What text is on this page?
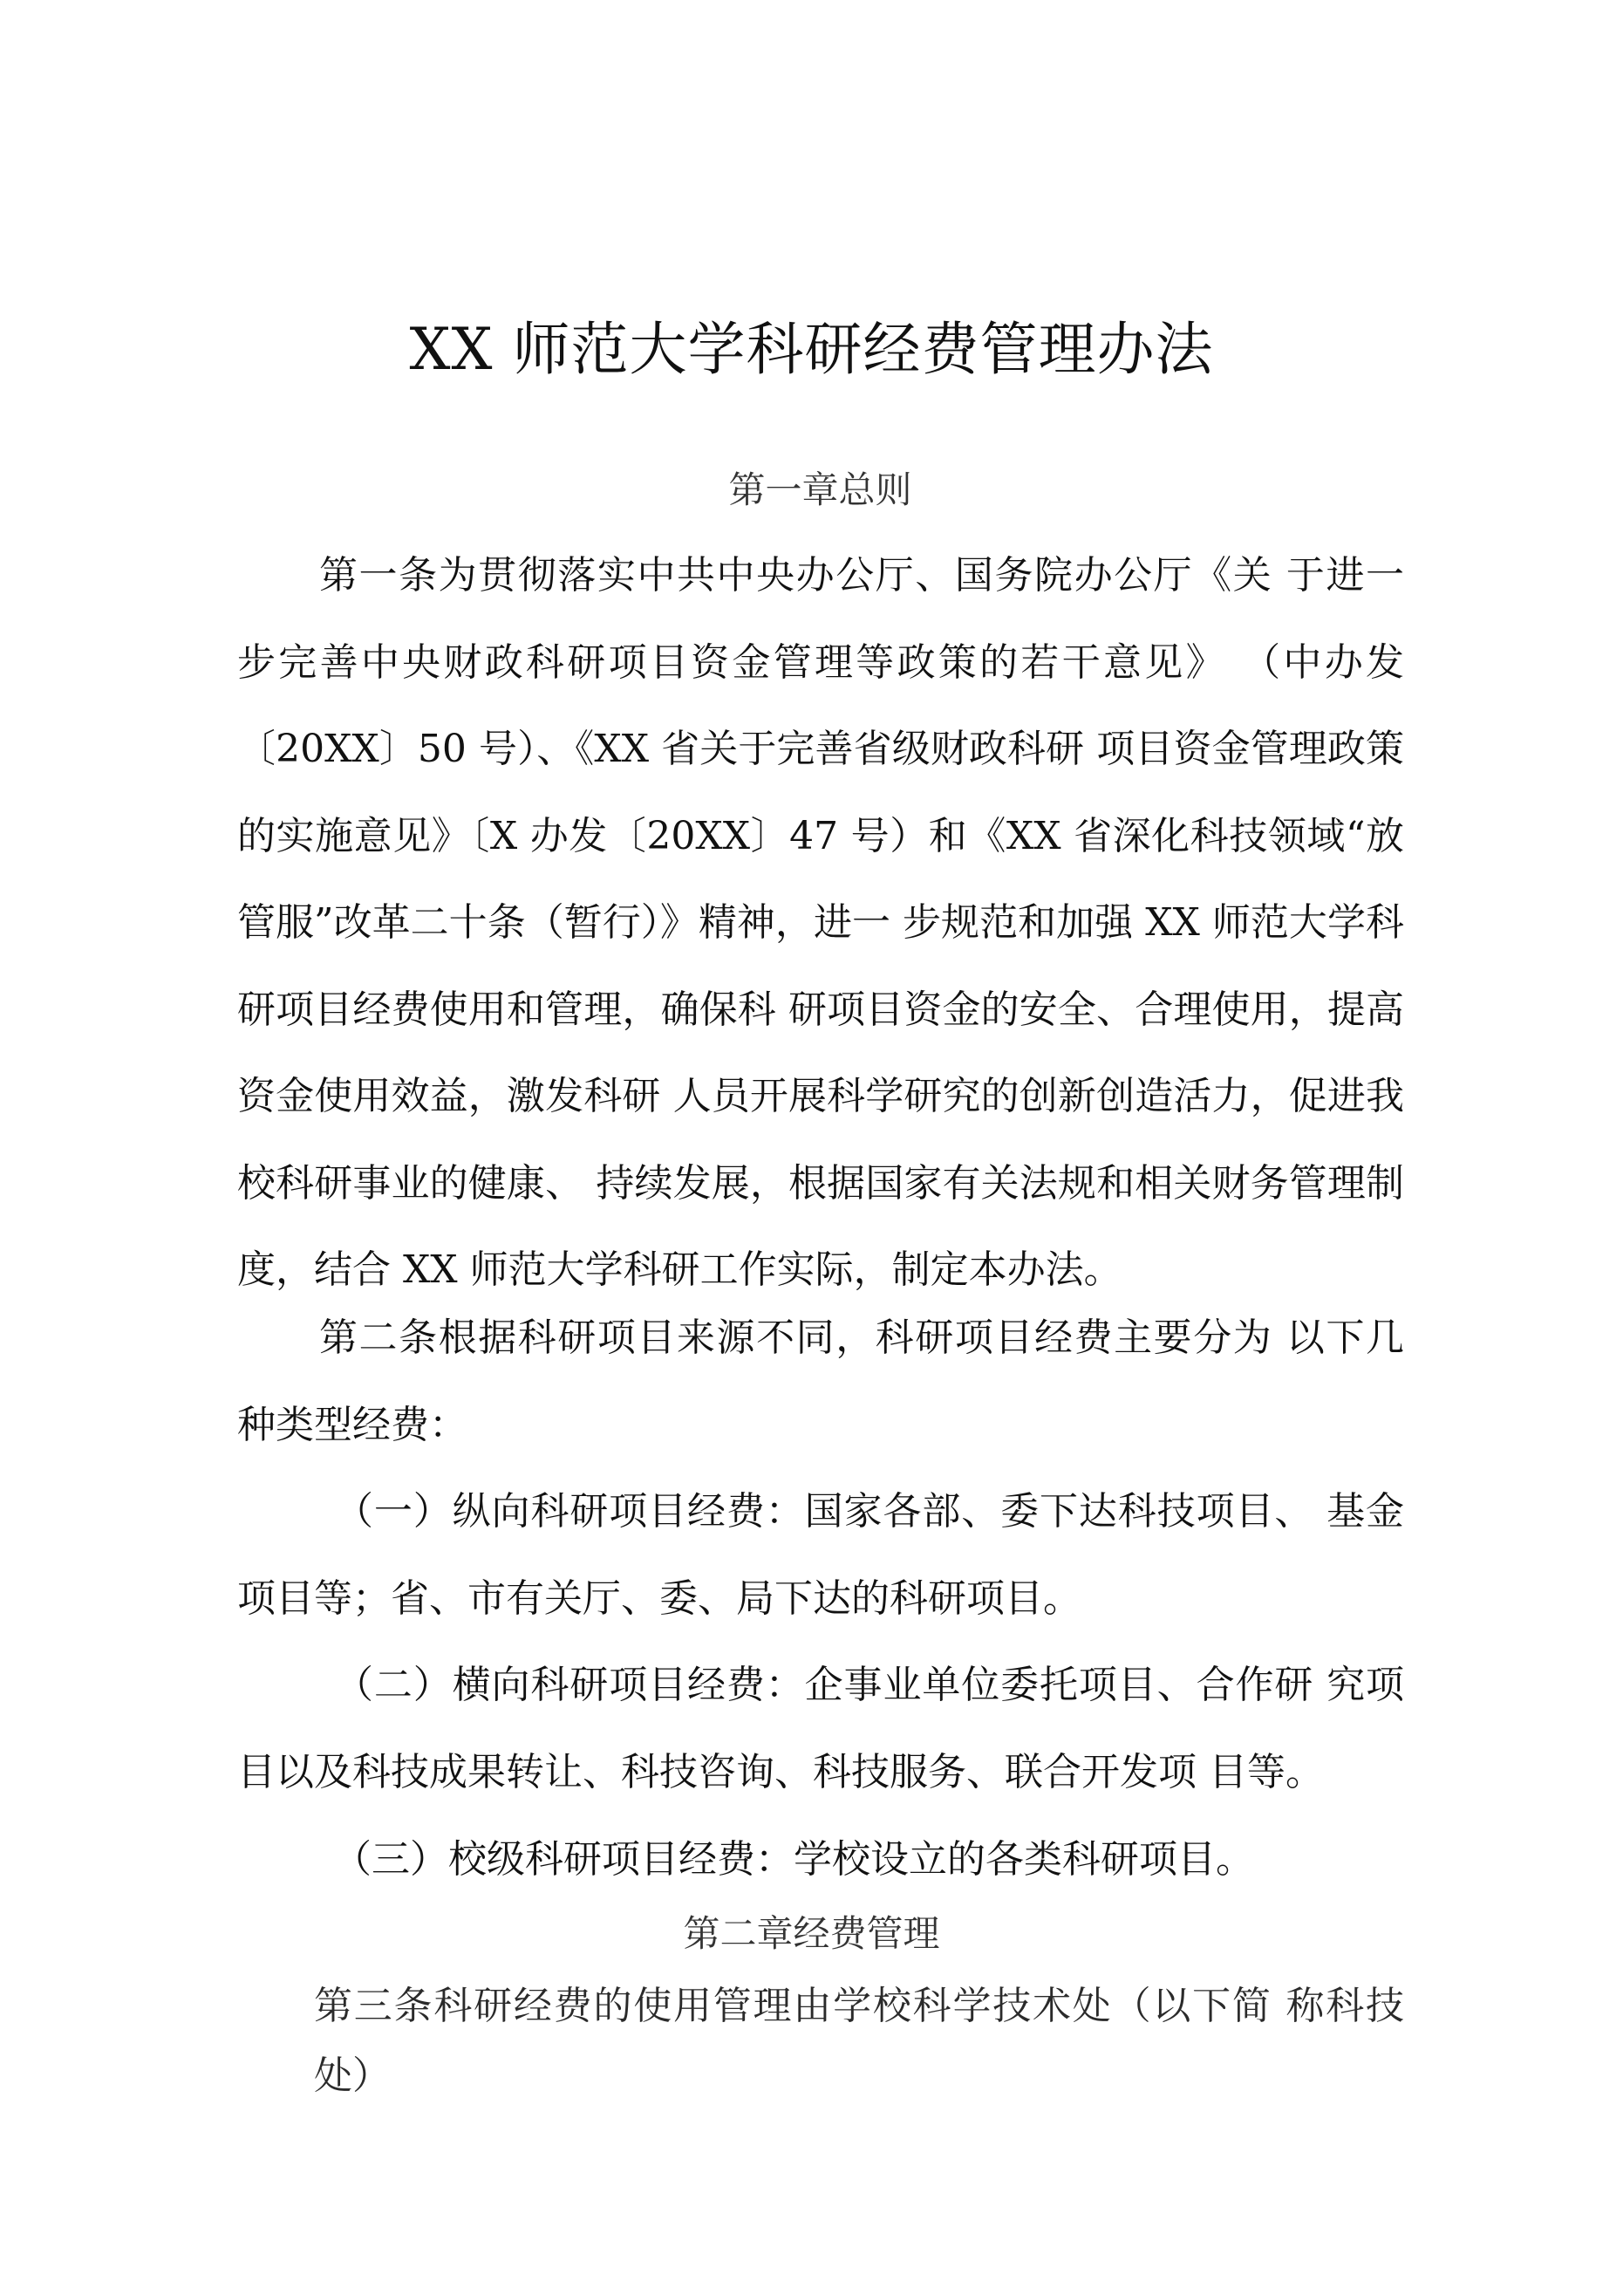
XX 师范大学科研经费管理办法
第一章总则

第一条为贯彻落实中共中央办公厅、国务院办公厅《关 于进一步完善中央财政科研项目资金管理等政策的若干意见》 （中办发〔20XX〕50 号）、《XX 省关于完善省级财政科研 项目资金管理政策的实施意见》〔X 办发〔20XX〕47 号）和《XX 省深化科技领域“放管服”改革二十条（暂行）》精神，进一 步规范和加强 XX 师范大学科研项目经费使用和管理，确保科 研项目资金的安全、合理使用，提高资金使用效益，激发科研 人员开展科学研究的创新创造活力，促进我校科研事业的健康、 持续发展，根据国家有关法规和相关财务管理制度，结合 XX 师范大学科研工作实际，制定本办法。

第二条根据科研项目来源不同，科研项目经费主要分为 以下几种类型经费：

（一）纵向科研项目经费：国家各部、委下达科技项目、 基金项目等；省、市有关厅、委、局下达的科研项目。

（二）横向科研项目经费：企事业单位委托项目、合作研 究项目以及科技成果转让、科技咨询、科技服务、联合开发项 目等。

（三）校级科研项目经费：学校设立的各类科研项目。

第二章经费管理

第三条科研经费的使用管理由学校科学技术处（以下简 称科技处）
